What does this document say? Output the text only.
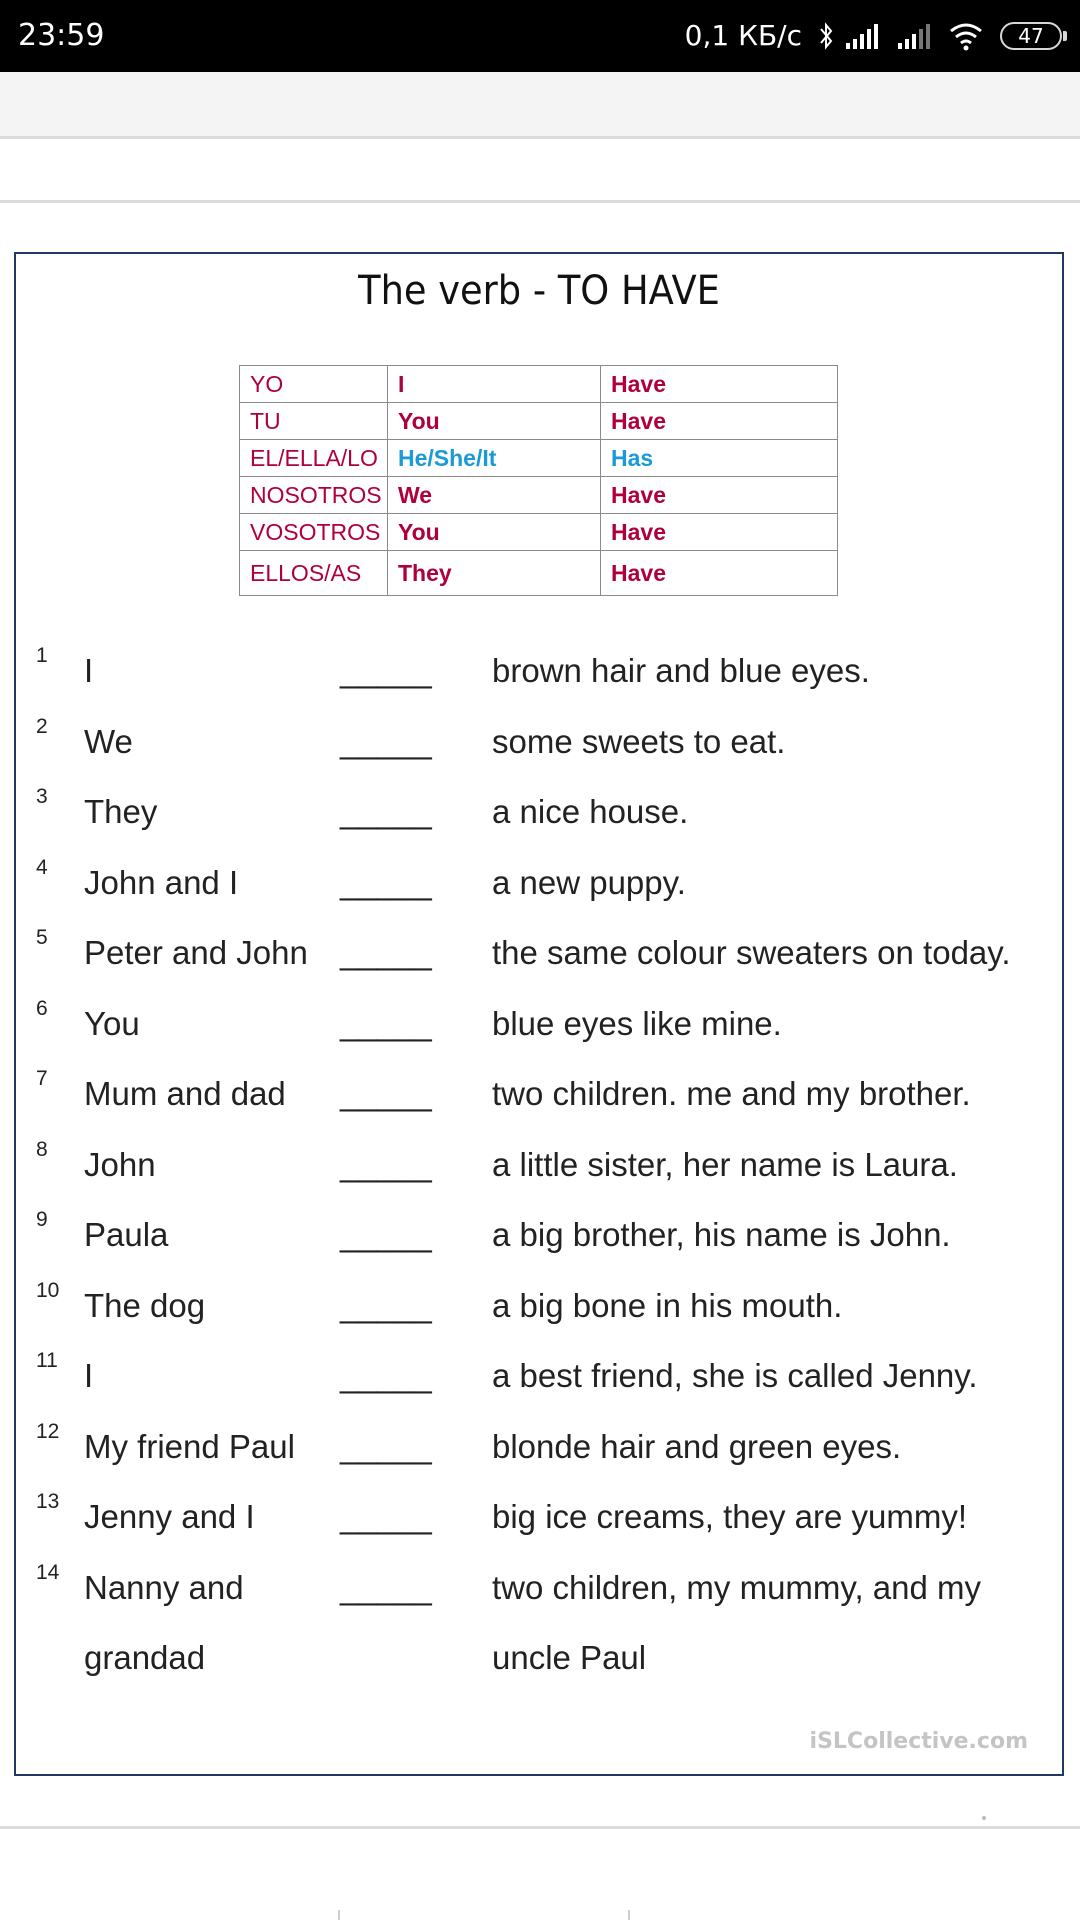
23:59	0,1 КБ/с	47
The verb - TO HAVE
YO	I	Have
TU	You	Have
EL/ELLA/LO	He/She/It	Has
NOSOTROS	We	Have
VOSOTROS	You	Have
ELLOS/AS	They	Have
1 I	_____ brown hair and blue eyes.
2 We	_____ some sweets to eat.
3 They	_____ a nice house.
4 John and I	_____ a new puppy.
5 Peter and John _____ the same colour sweaters on today.
6 You	_____ blue eyes like mine.
7 Mum and dad _____ two children. me and my brother.
8 John	_____ a little sister, her name is Laura.
9 Paula	_____ a big brother, his name is John.
10 The dog	_____ a big bone in his mouth.
11 I	_____ a best friend, she is called Jenny.
12 My friend Paul _____ blonde hair and green eyes.
13 Jenny and I	_____ big ice creams, they are yummy!
14 Nanny and	_____ two children, my mummy, and my
grandad	uncle Paul
iSLCollective.com
